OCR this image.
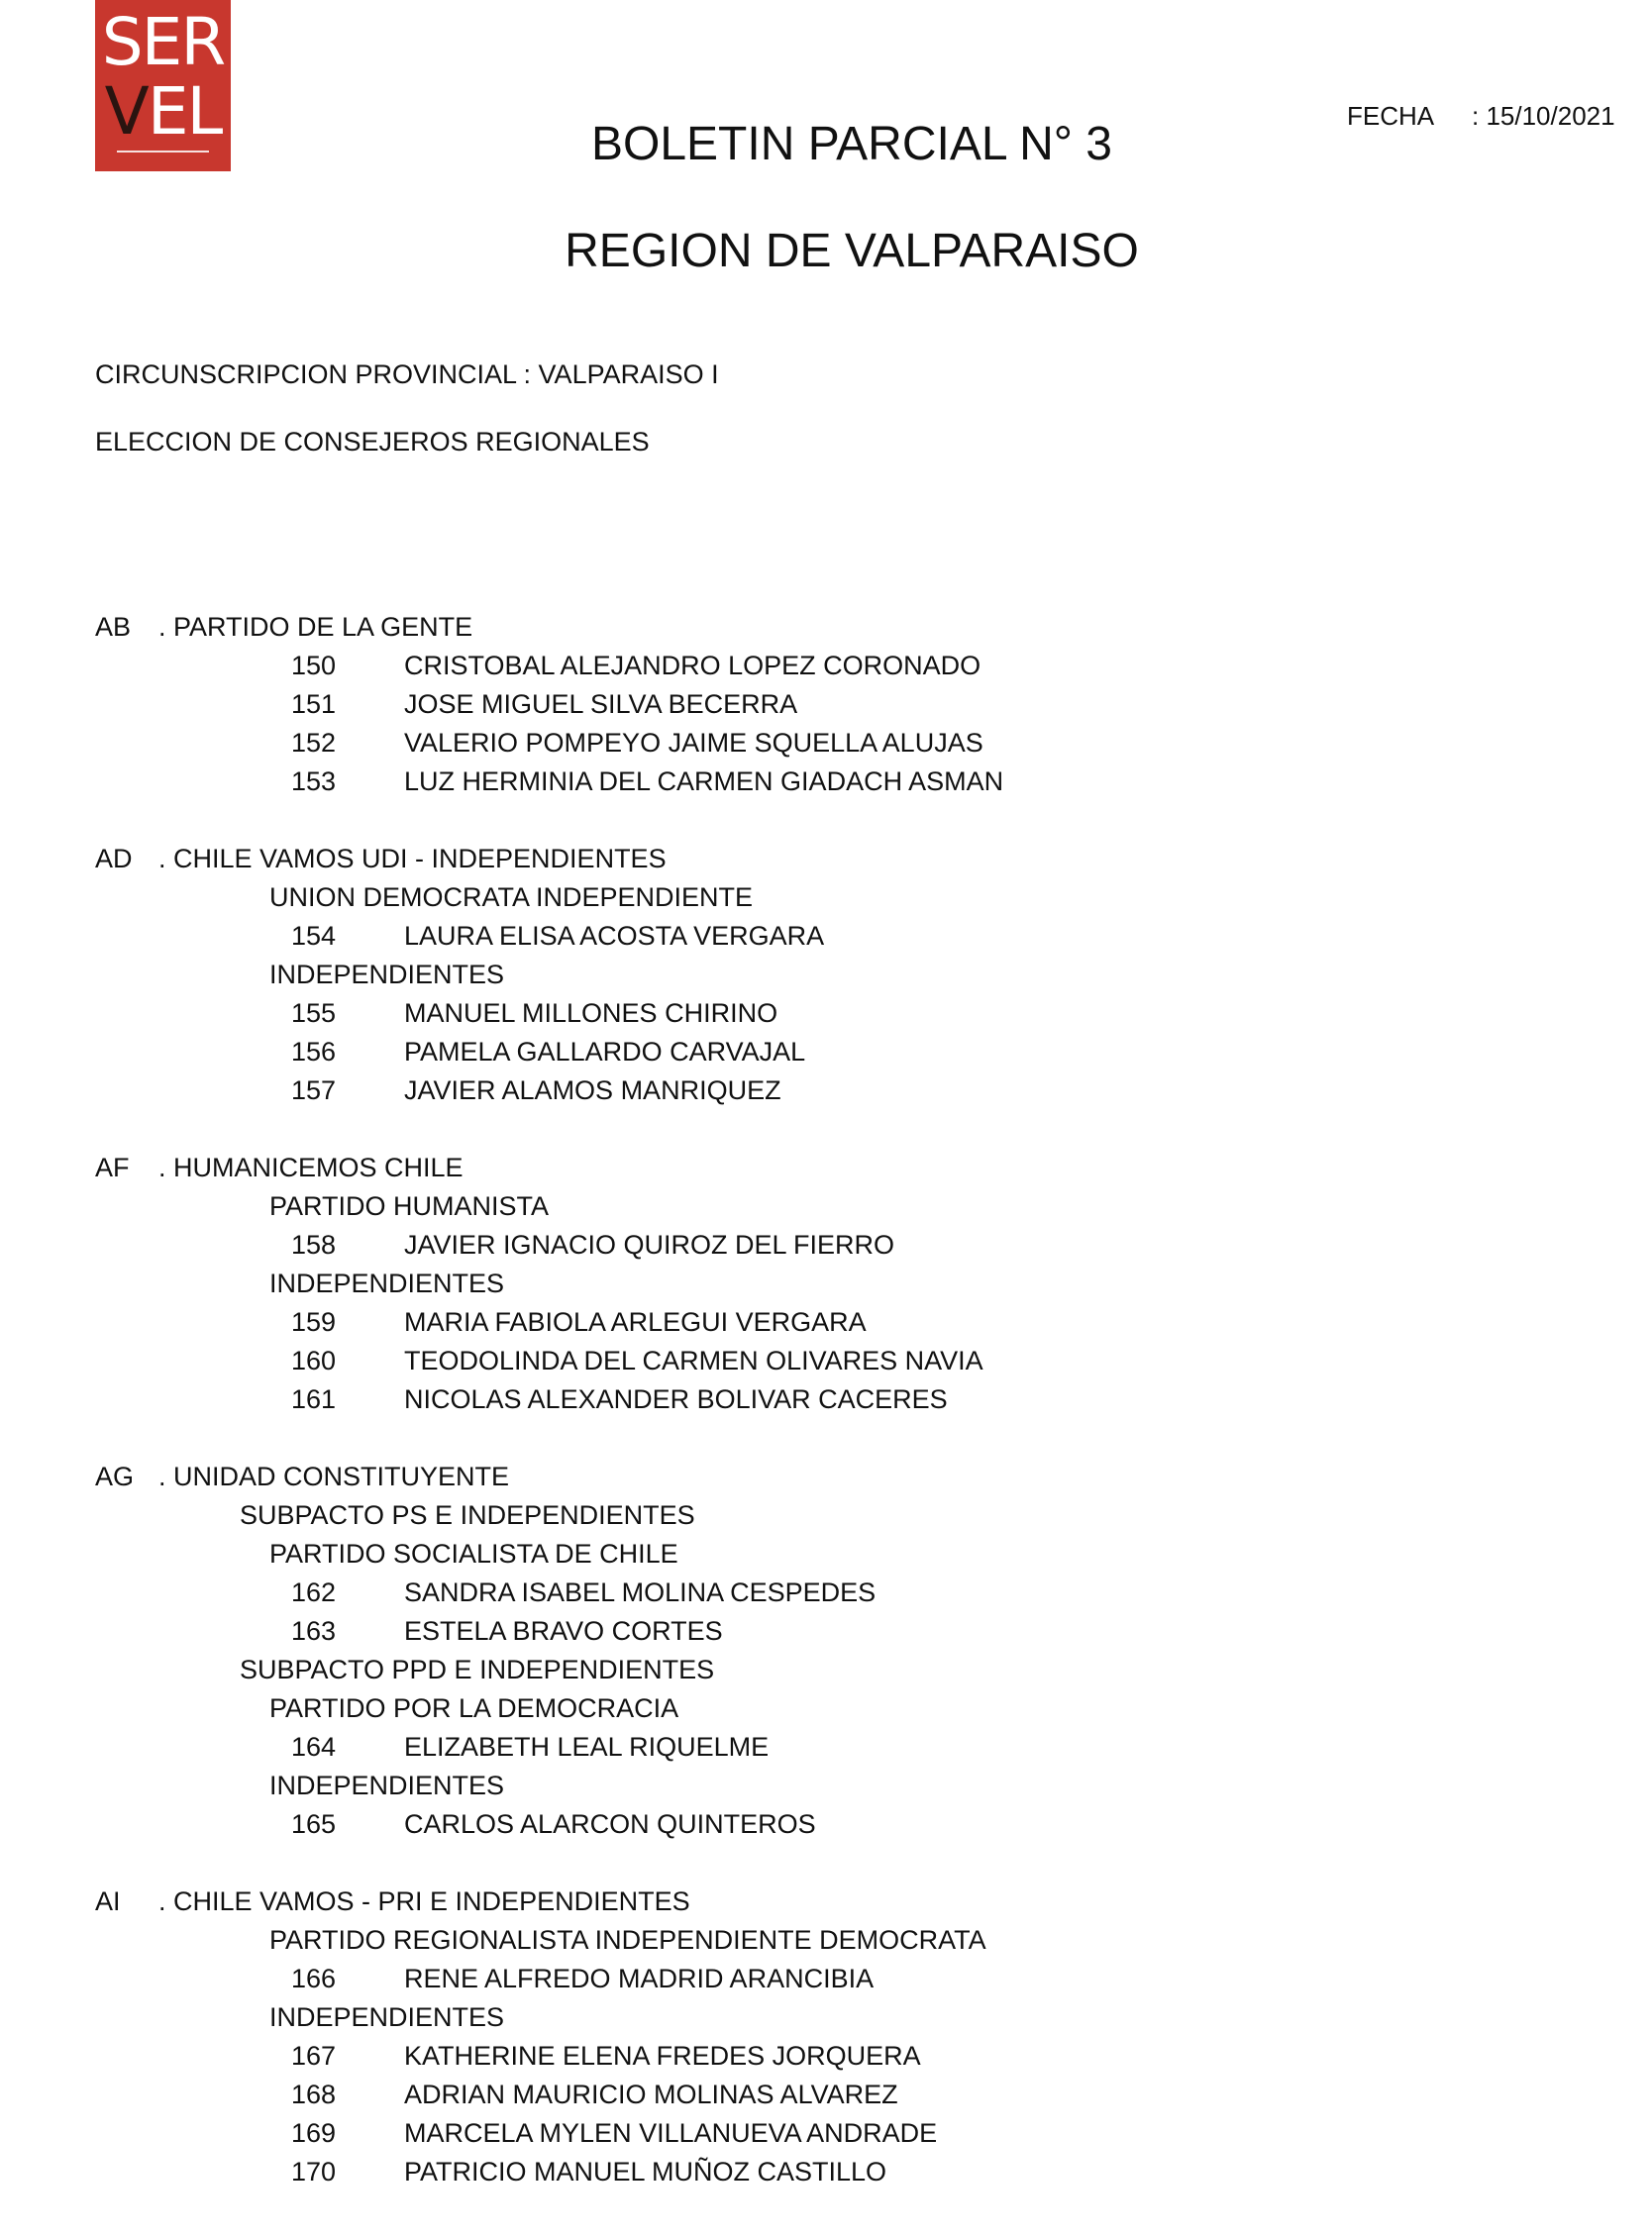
SER
VEL	FECHA : 15/10/2021
BOLETIN PARCIAL N° 3
REGION DE VALPARAISO
CIRCUNSCRIPCION PROVINCIAL : VALPARAISO I
ELECCION DE CONSEJEROS REGIONALES
AB . PARTIDO DE LA GENTE
150	CRISTOBAL ALEJANDRO LOPEZ CORONADO
151	JOSE MIGUEL SILVA BECERRA
152	VALERIO POMPEYO JAIME SQUELLA ALUJAS
153	LUZ HERMINIA DEL CARMEN GIADACH ASMAN
AD . CHILE VAMOS UDI - INDEPENDIENTES
UNION DEMOCRATA INDEPENDIENTE
154	LAURA ELISA ACOSTA VERGARA
INDEPENDIENTES
155	MANUEL MILLONES CHIRINO
156	PAMELA GALLARDO CARVAJAL
157	JAVIER ALAMOS MANRIQUEZ
AF . HUMANICEMOS CHILE
PARTIDO HUMANISTA
158	JAVIER IGNACIO QUIROZ DEL FIERRO
INDEPENDIENTES
159	MARIA FABIOLA ARLEGUI VERGARA
160	TEODOLINDA DEL CARMEN OLIVARES NAVIA
161	NICOLAS ALEXANDER BOLIVAR CACERES
AG . UNIDAD CONSTITUYENTE
SUBPACTO PS E INDEPENDIENTES
PARTIDO SOCIALISTA DE CHILE
162	SANDRA ISABEL MOLINA CESPEDES
163	ESTELA BRAVO CORTES
SUBPACTO PPD E INDEPENDIENTES
PARTIDO POR LA DEMOCRACIA
164	ELIZABETH LEAL RIQUELME
INDEPENDIENTES
165	CARLOS ALARCON QUINTEROS
AI . CHILE VAMOS - PRI E INDEPENDIENTES
PARTIDO REGIONALISTA INDEPENDIENTE DEMOCRATA
166	RENE ALFREDO MADRID ARANCIBIA
INDEPENDIENTES
167	KATHERINE ELENA FREDES JORQUERA
168	ADRIAN MAURICIO MOLINAS ALVAREZ
169	MARCELA MYLEN VILLANUEVA ANDRADE
170	PATRICIO MANUEL MUÑOZ CASTILLO
